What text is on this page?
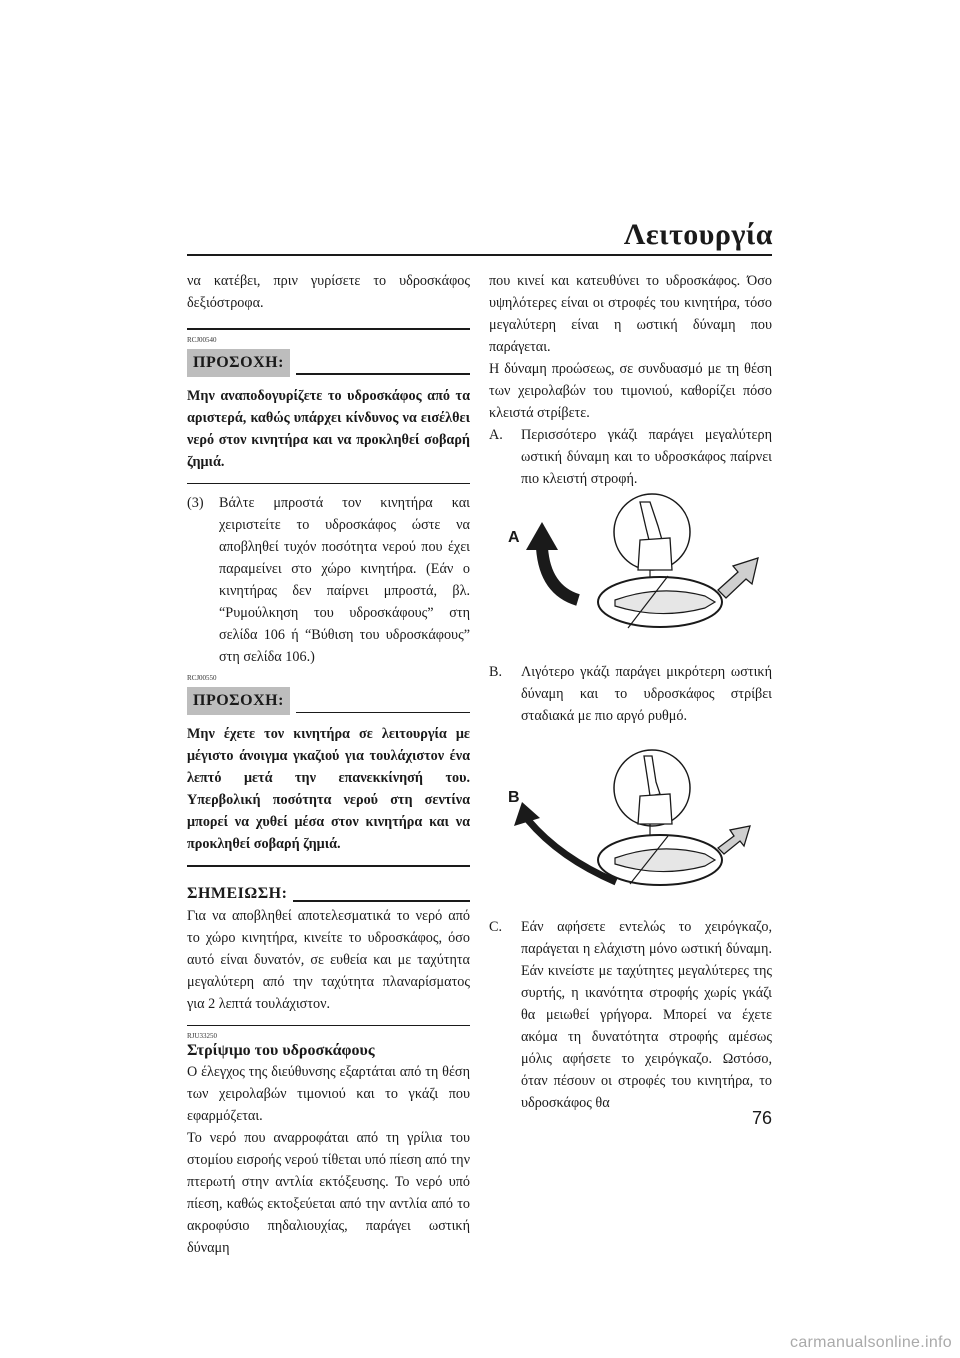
Λειτουργία

να κατέβει, πριν γυρίσετε το υδροσκάφος δεξιόστροφα.

RCJ00540
ΠΡΟΣΟΧΗ:

Μην αναποδογυρίζετε το υδροσκάφος από τα αριστερά, καθώς υπάρχει κίνδυνος να εισέλθει νερό στον κινητήρα και να προκληθεί σοβαρή ζημιά.

(3)	Βάλτε μπροστά τον κινητήρα και χειριστείτε το υδροσκάφος ώστε να αποβληθεί τυχόν ποσότητα νερού που έχει παραμείνει στο χώρο κινητήρα. (Εάν ο κινητήρας δεν παίρνει μπροστά, βλ. “Ρυμούλκηση του υδροσκάφους” στη σελίδα 106 ή “Βύθιση του υδροσκάφους” στη σελίδα 106.)
RCJ00550
ΠΡΟΣΟΧΗ:

Μην έχετε τον κινητήρα σε λειτουργία με μέγιστο άνοιγμα γκαζιού για τουλάχιστον ένα λεπτό μετά την επανεκκίνησή του. Υπερβολική ποσότητα νερού στη σεντίνα μπορεί να χυθεί μέσα στον κινητήρα και να προκληθεί σοβαρή ζημιά.

ΣΗΜΕΙΩΣΗ:

Για να αποβληθεί αποτελεσματικά το νερό από το χώρο κινητήρα, κινείτε το υδροσκάφος, όσο αυτό είναι δυνατόν, σε ευθεία και με ταχύτητα μεγαλύτερη από την ταχύτητα πλαναρίσματος για 2 λεπτά τουλάχιστον.

RJU33250
Στρίψιμο του υδροσκάφους

Ο έλεγχος της διεύθυνσης εξαρτάται από τη θέση των χειρολαβών τιμονιού και το γκάζι που εφαρμόζεται.

Το νερό που αναρροφάται από τη γρίλια του στομίου εισροής νερού τίθεται υπό πίεση από την πτερωτή στην αντλία εκτόξευσης. Το νερό υπό πίεση, καθώς εκτοξεύεται από την αντλία από το ακροφύσιο πηδαλιουχίας, παράγει ωστική δύναμη

που κινεί και κατευθύνει το υδροσκάφος. Όσο υψηλότερες είναι οι στροφές του κινητήρα, τόσο μεγαλύτερη είναι η ωστική δύναμη που παράγεται.

Η δύναμη προώσεως, σε συνδυασμό με τη θέση των χειρολαβών του τιμονιού, καθορίζει πόσο κλειστά στρίβετε.

A.	Περισσότερο γκάζι παράγει μεγαλύτερη ωστική δύναμη και το υδροσκάφος παίρνει πιο κλειστή στροφή.
A
B.	Λιγότερο γκάζι παράγει μικρότερη ωστική δύναμη και το υδροσκάφος στρίβει σταδιακά με πιο αργό ρυθμό.
B
C.	Εάν αφήσετε εντελώς το χειρόγκαζο, παράγεται η ελάχιστη μόνο ωστική δύναμη. Εάν κινείστε με ταχύτητες μεγαλύτερες της συρτής, η ικανότητα στροφής χωρίς γκάζι θα μειωθεί γρήγορα. Μπορεί να έχετε ακόμα τη δυνατότητα στροφής αμέσως μόλις αφήσετε το χειρόγκαζο. Ωστόσο, όταν πέσουν οι στροφές του κινητήρα, το υδροσκάφος θα
76
carmanualsonline.info
